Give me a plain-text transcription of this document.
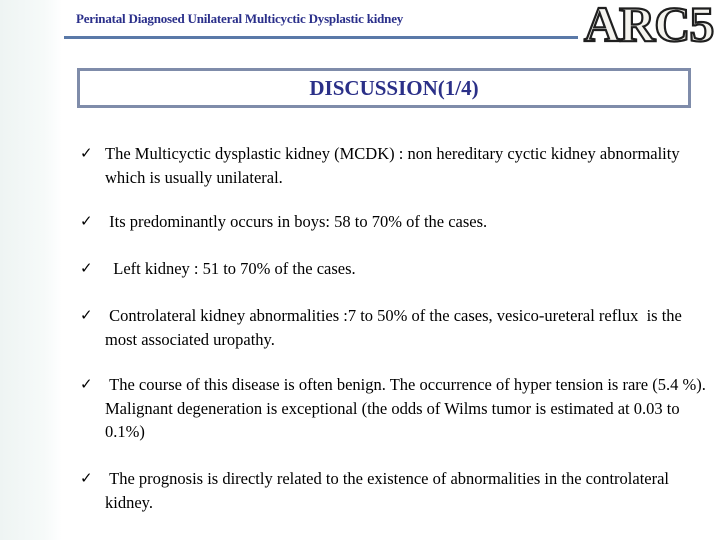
Perinatal Diagnosed Unilateral Multicyctic Dysplastic kidney	ARC5
DISCUSSION(1/4)
✓ The Multicyctic dysplastic kidney (MCDK) : non hereditary cyctic kidney abnormality which is usually unilateral.
✓ Its predominantly occurs in boys: 58 to 70% of the cases.
✓ Left kidney : 51 to 70% of the cases.
✓ Controlateral kidney abnormalities :7 to 50% of the cases, vesico-ureteral reflux  is the most associated uropathy.
✓ The course of this disease is often benign. The occurrence of hyper tension is rare (5.4 %). Malignant degeneration is exceptional (the odds of Wilms tumor is estimated at 0.03 to 0.1%)
✓ The prognosis is directly related to the existence of abnormalities in the controlateral kidney.
